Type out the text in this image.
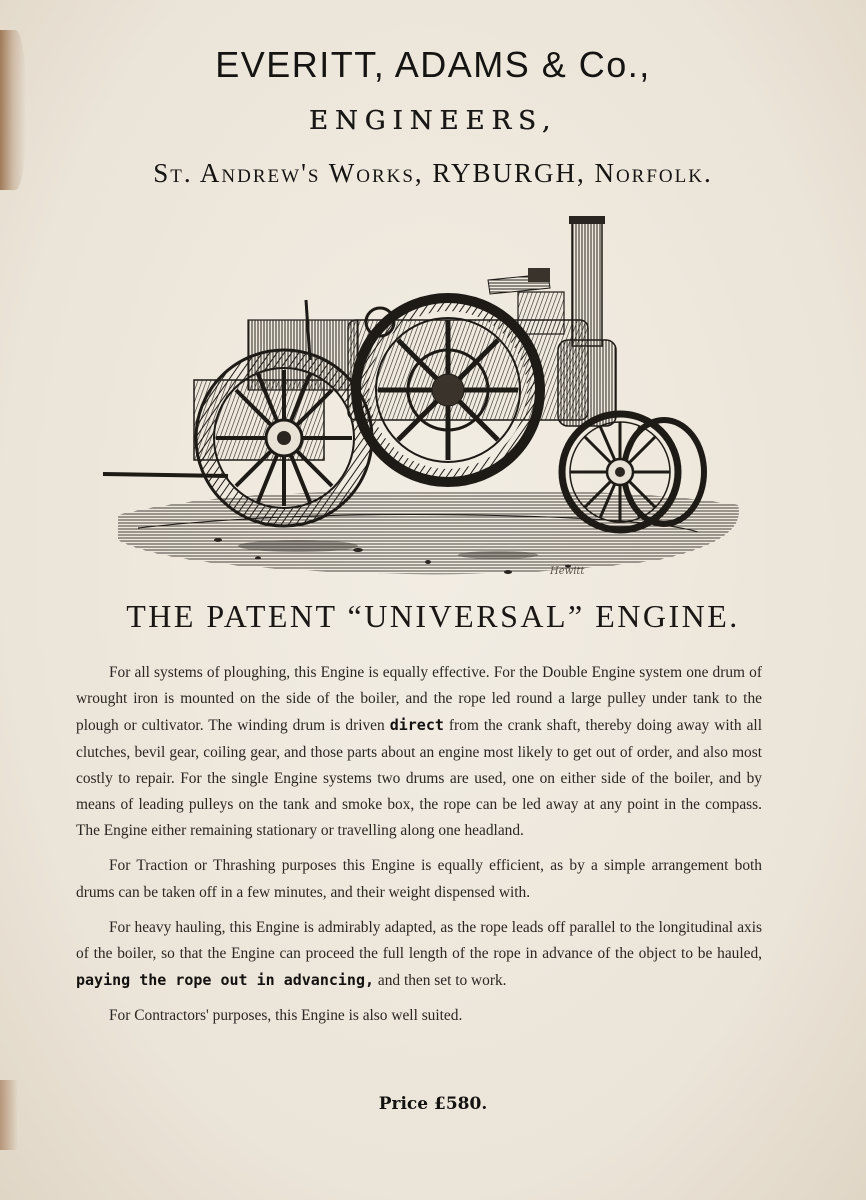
EVERITT, ADAMS & Co.,
ENGINEERS,
St. Andrew's Works, RYBURGH, Norfolk.
Hewitt
THE PATENT “UNIVERSAL” ENGINE.

For all systems of ploughing, this Engine is equally effective. For the Double Engine system one drum of wrought iron is mounted on the side of the boiler, and the rope led round a large pulley under tank to the plough or cultivator. The winding drum is driven direct from the crank shaft, thereby doing away with all clutches, bevil gear, coiling gear, and those parts about an engine most likely to get out of order, and also most costly to repair. For the single Engine systems two drums are used, one on either side of the boiler, and by means of leading pulleys on the tank and smoke box, the rope can be led away at any point in the compass. The Engine either remaining stationary or travelling along one headland.

For Traction or Thrashing purposes this Engine is equally efficient, as by a simple arrangement both drums can be taken off in a few minutes, and their weight dispensed with.

For heavy hauling, this Engine is admirably adapted, as the rope leads off parallel to the longitudinal axis of the boiler, so that the Engine can proceed the full length of the rope in advance of the object to be hauled, paying the rope out in advancing, and then set to work.

For Contractors' purposes, this Engine is also well suited.

Price £580.
